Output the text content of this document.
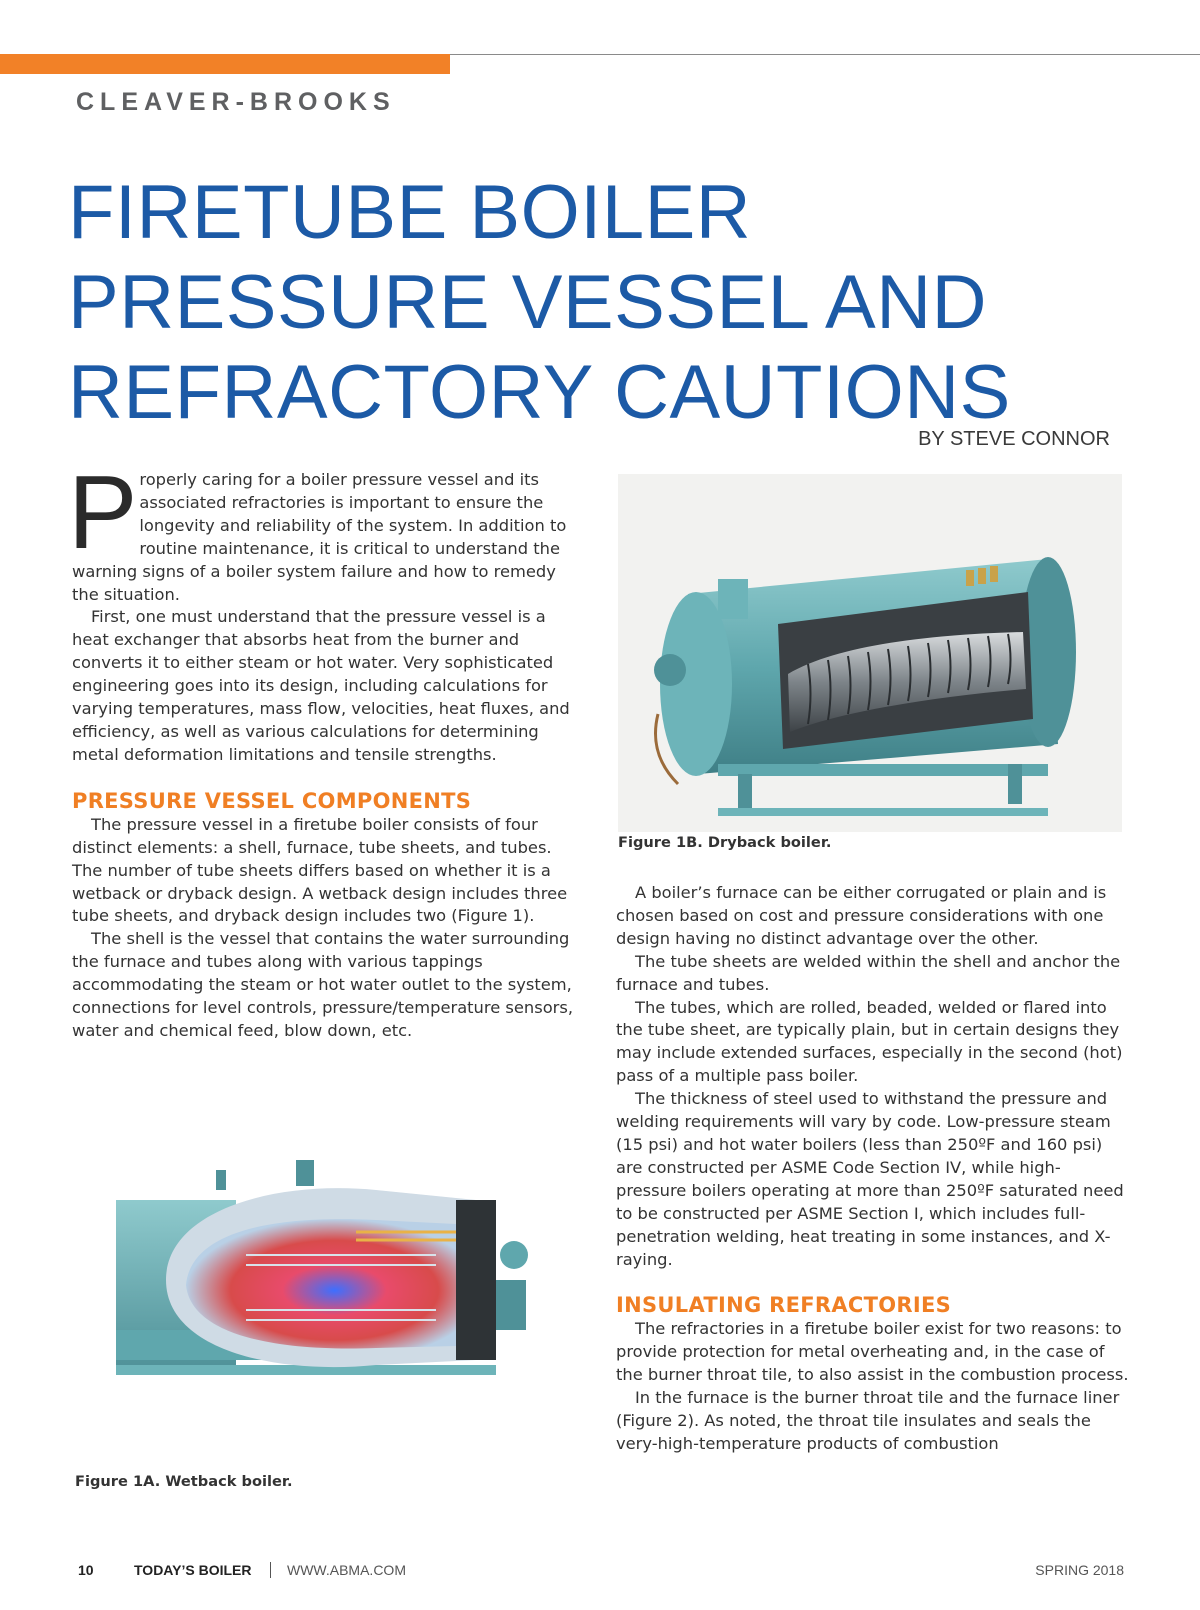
CLEAVER-BROOKS
FIRETUBE BOILER
PRESSURE VESSEL AND
REFRACTORY CAUTIONS
BY STEVE CONNOR

Properly caring for a boiler pressure vessel and its associated refractories is important to ensure the longevity and reliability of the system. In addition to routine maintenance, it is critical to understand the warning signs of a boiler system failure and how to remedy the situation.

First, one must understand that the pressure vessel is a heat exchanger that absorbs heat from the burner and converts it to either steam or hot water. Very sophisticated engineering goes into its design, including calculations for varying temperatures, mass flow, velocities, heat fluxes, and efficiency, as well as various calculations for determining metal deformation limitations and tensile strengths.

PRESSURE VESSEL COMPONENTS

The pressure vessel in a firetube boiler consists of four distinct elements: a shell, furnace, tube sheets, and tubes. The number of tube sheets differs based on whether it is a wetback or dryback design. A wetback design includes three tube sheets, and dryback design includes two (Figure 1).

The shell is the vessel that contains the water surrounding the furnace and tubes along with various tappings accommodating the steam or hot water outlet to the system, connections for level controls, pressure/temperature sensors, water and chemical feed, blow down, etc.

A boiler’s furnace can be either corrugated or plain and is chosen based on cost and pressure considerations with one design having no distinct advantage over the other.

The tube sheets are welded within the shell and anchor the furnace and tubes.

The tubes, which are rolled, beaded, welded or flared into the tube sheet, are typically plain, but in certain designs they may include extended surfaces, especially in the second (hot) pass of a multiple pass boiler.

The thickness of steel used to withstand the pressure and welding requirements will vary by code. Low-pressure steam (15 psi) and hot water boilers (less than 250ºF and 160 psi) are constructed per ASME Code Section IV, while high-pressure boilers operating at more than 250ºF saturated need to be constructed per ASME Section I, which includes full-penetration welding, heat treating in some instances, and X-raying.

INSULATING REFRACTORIES

The refractories in a firetube boiler exist for two reasons: to provide protection for metal overheating and, in the case of the burner throat tile, to also assist in the combustion process.

In the furnace is the burner throat tile and the furnace liner (Figure 2). As noted, the throat tile insulates and seals the very-high-temperature products of combustion

Figure 1B. Dryback boiler.
Figure 1A. Wetback boiler.
10	TODAY’S BOILER	WWW.ABMA.COM	SPRING 2018
